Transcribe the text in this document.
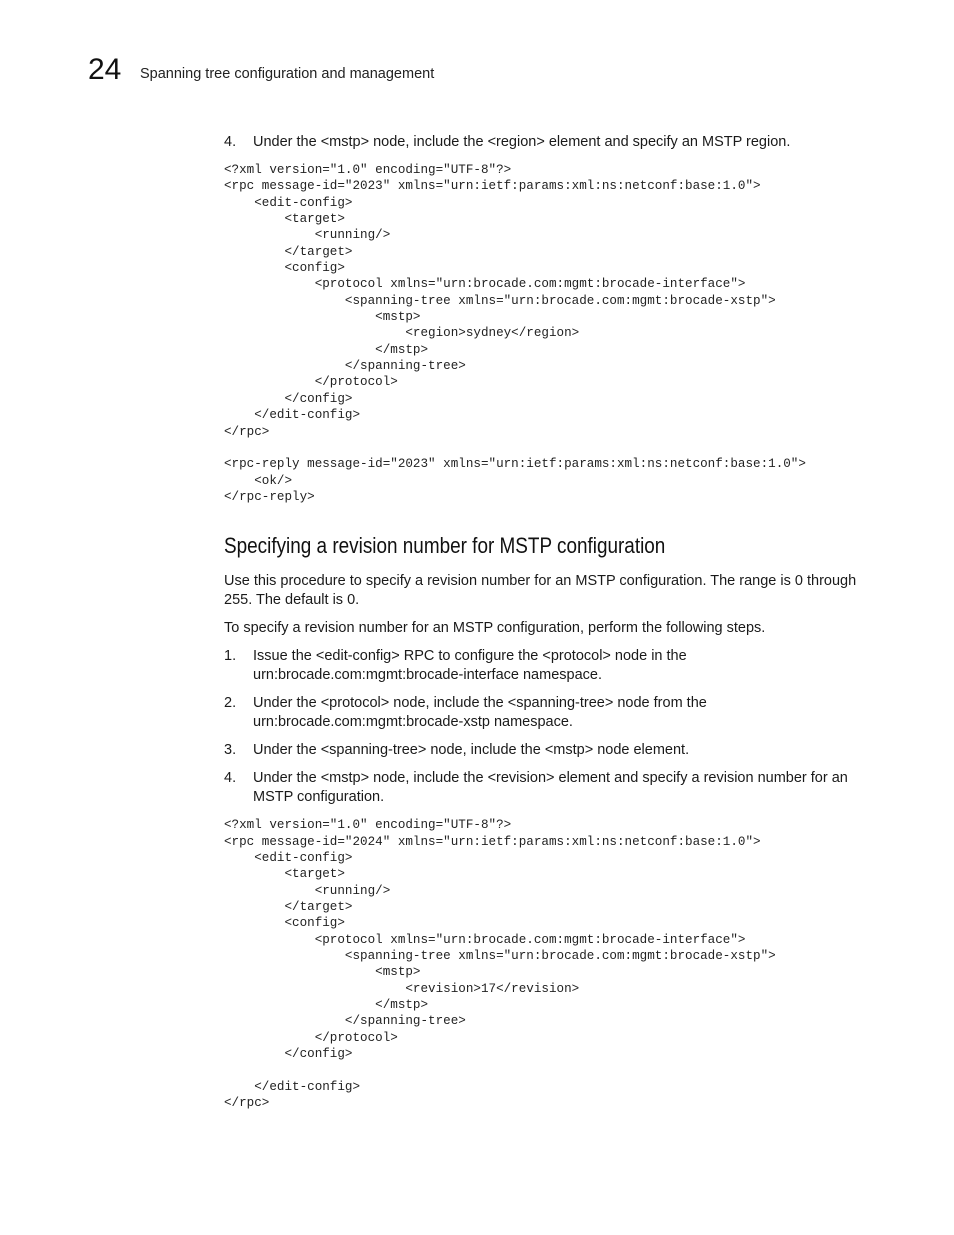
24 Spanning tree configuration and management
4. Under the <mstp> node, include the <region> element and specify an MSTP region.
<?xml version="1.0" encoding="UTF-8"?>
<rpc message-id="2023" xmlns="urn:ietf:params:xml:ns:netconf:base:1.0">
<edit-config>
<target>
<running/>
</target>
<config>
<protocol xmlns="urn:brocade.com:mgmt:brocade-interface">
<spanning-tree xmlns="urn:brocade.com:mgmt:brocade-xstp">
<mstp>
<region>sydney</region>
</mstp>
</spanning-tree>
</protocol>
</config>
</edit-config>
</rpc>

<rpc-reply message-id="2023" xmlns="urn:ietf:params:xml:ns:netconf:base:1.0">
<ok/>
</rpc-reply>
Specifying a revision number for MSTP configuration

Use this procedure to specify a revision number for an MSTP configuration. The range is 0 through 255. The default is 0.

To specify a revision number for an MSTP configuration, perform the following steps.

1. Issue the <edit-config> RPC to configure the <protocol> node in the urn:brocade.com:mgmt:brocade-interface namespace.
2. Under the <protocol> node, include the <spanning-tree> node from the urn:brocade.com:mgmt:brocade-xstp namespace.
3. Under the <spanning-tree> node, include the <mstp> node element.
4. Under the <mstp> node, include the <revision> element and specify a revision number for an MSTP configuration.
<?xml version="1.0" encoding="UTF-8"?>
<rpc message-id="2024" xmlns="urn:ietf:params:xml:ns:netconf:base:1.0">
<edit-config>
<target>
<running/>
</target>
<config>
<protocol xmlns="urn:brocade.com:mgmt:brocade-interface">
<spanning-tree xmlns="urn:brocade.com:mgmt:brocade-xstp">
<mstp>
<revision>17</revision>
</mstp>
</spanning-tree>
</protocol>
</config>

</edit-config>
</rpc>
